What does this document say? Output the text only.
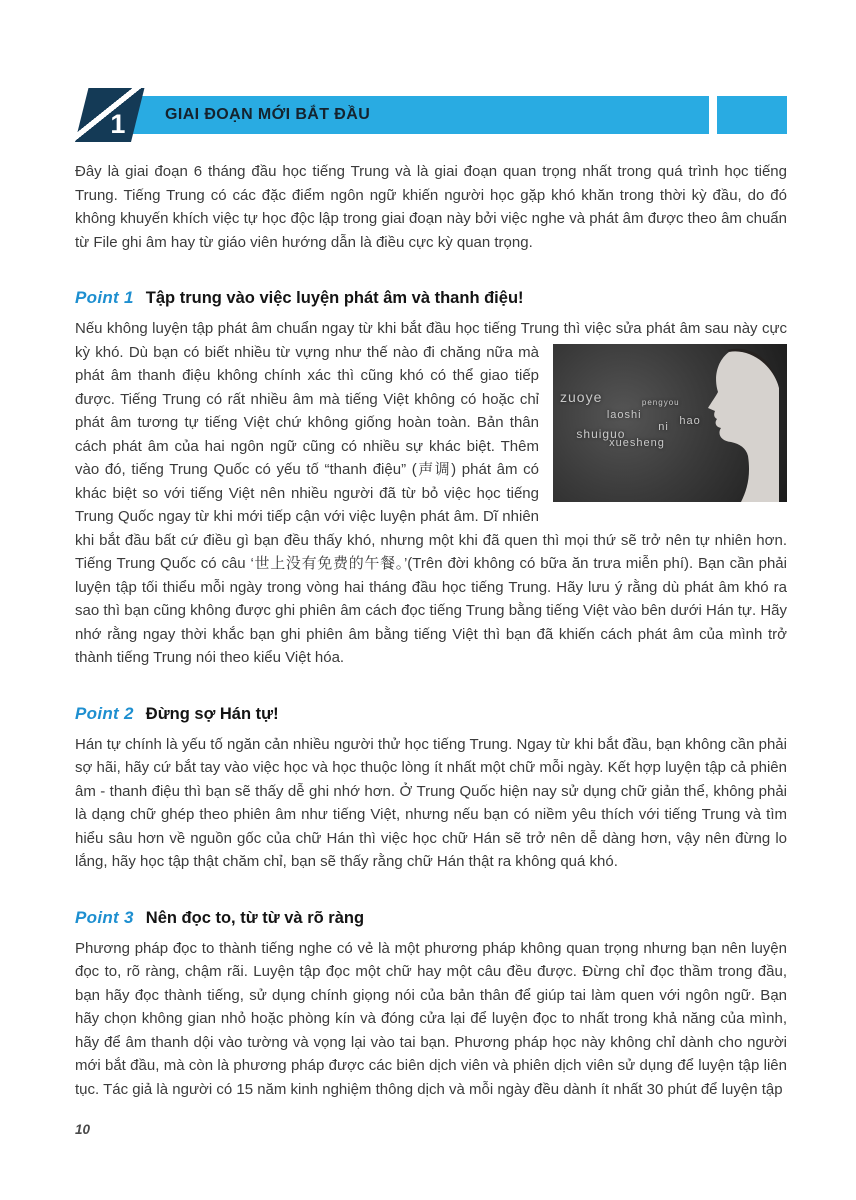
GIAI ĐOẠN MỚI BẮT ĐẦU
1

Đây là giai đoạn 6 tháng đầu học tiếng Trung và là giai đoạn quan trọng nhất trong quá trình học tiếng Trung. Tiếng Trung có các đặc điểm ngôn ngữ khiến người học gặp khó khăn trong thời kỳ đầu, do đó không khuyến khích việc tự học độc lập trong giai đoạn này bởi việc nghe và phát âm được theo âm chuẩn từ File ghi âm hay từ giáo viên hướng dẫn là điều cực kỳ quan trọng.

Point 1 Tập trung vào việc luyện phát âm và thanh điệu!

Nếu không luyện tập phát âm chuẩn ngay từ khi bắt đầu học tiếng Trung thì việc sửa phát âm sau này cực kỳ khó.
zuoye	pengyou
laoshi
ni
hao
shuiguo
xuesheng
Dù bạn có biết nhiều từ vựng như thế nào đi chăng nữa mà phát âm thanh điệu không chính xác thì cũng khó có thể giao tiếp được. Tiếng Trung có rất nhiều âm mà tiếng Việt không có hoặc chỉ phát âm tương tự tiếng Việt chứ không giống hoàn toàn. Bản thân cách phát âm của hai ngôn ngữ cũng có nhiều sự khác biệt. Thêm vào đó, tiếng Trung Quốc có yếu tố “thanh điệu” (声调) phát âm có khác biệt so với tiếng Việt nên nhiều người đã từ bỏ việc học tiếng Trung Quốc ngay từ khi mới tiếp cận với việc luyện phát âm. Dĩ nhiên khi bắt đầu bất cứ điều gì bạn đều thấy khó, nhưng một khi đã quen thì mọi thứ sẽ trở nên tự nhiên hơn. Tiếng Trung Quốc có câu ‘世上没有免费的午餐。’(Trên đời không có bữa ăn trưa miễn phí). Bạn cần phải luyện tập tối thiểu mỗi ngày trong vòng hai tháng đầu học tiếng Trung. Hãy lưu ý rằng dù phát âm khó ra sao thì bạn cũng không được ghi phiên âm cách đọc tiếng Trung bằng tiếng Việt vào bên dưới Hán tự. Hãy nhớ rằng ngay thời khắc bạn ghi phiên âm bằng tiếng Việt thì bạn đã khiến cách phát âm của mình trở thành tiếng Trung nói theo kiểu Việt hóa.

Point 2 Đừng sợ Hán tự!

Hán tự chính là yếu tố ngăn cản nhiều người thử học tiếng Trung. Ngay từ khi bắt đầu, bạn không cần phải sợ hãi, hãy cứ bắt tay vào việc học và học thuộc lòng ít nhất một chữ mỗi ngày. Kết hợp luyện tập cả phiên âm - thanh điệu thì bạn sẽ thấy dễ ghi nhớ hơn. Ở Trung Quốc hiện nay sử dụng chữ giản thể, không phải là dạng chữ ghép theo phiên âm như tiếng Việt, nhưng nếu bạn có niềm yêu thích với tiếng Trung và tìm hiểu sâu hơn về nguồn gốc của chữ Hán thì việc học chữ Hán sẽ trở nên dễ dàng hơn, vậy nên đừng lo lắng, hãy học tập thật chăm chỉ, bạn sẽ thấy rằng chữ Hán thật ra không quá khó.

Point 3 Nên đọc to, từ từ và rõ ràng

Phương pháp đọc to thành tiếng nghe có vẻ là một phương pháp không quan trọng nhưng bạn nên luyện đọc to, rõ ràng, chậm rãi. Luyện tập đọc một chữ hay một câu đều được. Đừng chỉ đọc thầm trong đầu, bạn hãy đọc thành tiếng, sử dụng chính giọng nói của bản thân để giúp tai làm quen với ngôn ngữ. Bạn hãy chọn không gian nhỏ hoặc phòng kín và đóng cửa lại để luyện đọc to nhất trong khả năng của mình, hãy để âm thanh dội vào tường và vọng lại vào tai bạn. Phương pháp học này không chỉ dành cho người mới bắt đầu, mà còn là phương pháp được các biên dịch viên và phiên dịch viên sử dụng để luyện tập liên tục. Tác giả là người có 15 năm kinh nghiệm thông dịch và mỗi ngày đều dành ít nhất 30 phút để luyện tập

10
